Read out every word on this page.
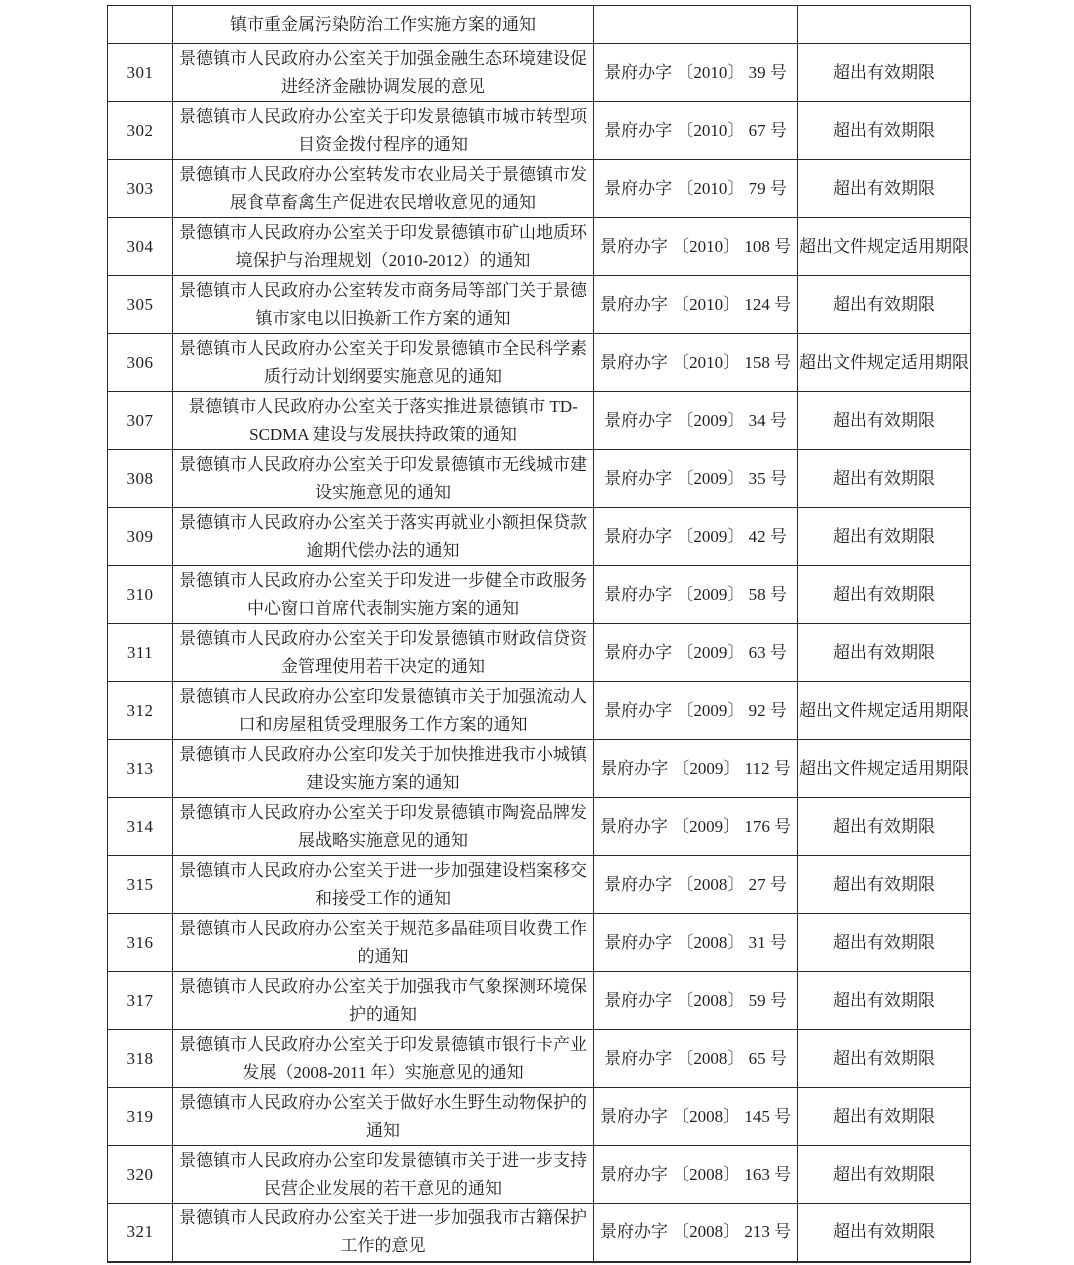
	镇市重金属污染防治工作实施方案的通知		
301	景德镇市人民政府办公室关于加强金融生态环境建设促进经济金融协调发展的意见	景府办字 〔2010〕 39 号	超出有效期限
302	景德镇市人民政府办公室关于印发景德镇市城市转型项目资金拨付程序的通知	景府办字 〔2010〕 67 号	超出有效期限
303	景德镇市人民政府办公室转发市农业局关于景德镇市发展食草畜禽生产促进农民增收意见的通知	景府办字 〔2010〕 79 号	超出有效期限
304	景德镇市人民政府办公室关于印发景德镇市矿山地质环境保护与治理规划（2010-2012）的通知	景府办字 〔2010〕 108 号	超出文件规定适用期限
305	景德镇市人民政府办公室转发市商务局等部门关于景德镇市家电以旧换新工作方案的通知	景府办字 〔2010〕 124 号	超出有效期限
306	景德镇市人民政府办公室关于印发景德镇市全民科学素质行动计划纲要实施意见的通知	景府办字 〔2010〕 158 号	超出文件规定适用期限
307	景德镇市人民政府办公室关于落实推进景德镇市 TD-SCDMA 建设与发展扶持政策的通知	景府办字 〔2009〕 34 号	超出有效期限
308	景德镇市人民政府办公室关于印发景德镇市无线城市建设实施意见的通知	景府办字 〔2009〕 35 号	超出有效期限
309	景德镇市人民政府办公室关于落实再就业小额担保贷款逾期代偿办法的通知	景府办字 〔2009〕 42 号	超出有效期限
310	景德镇市人民政府办公室关于印发进一步健全市政服务中心窗口首席代表制实施方案的通知	景府办字 〔2009〕 58 号	超出有效期限
311	景德镇市人民政府办公室关于印发景德镇市财政信贷资金管理使用若干决定的通知	景府办字 〔2009〕 63 号	超出有效期限
312	景德镇市人民政府办公室印发景德镇市关于加强流动人口和房屋租赁受理服务工作方案的通知	景府办字 〔2009〕 92 号	超出文件规定适用期限
313	景德镇市人民政府办公室印发关于加快推进我市小城镇建设实施方案的通知	景府办字 〔2009〕 112 号	超出文件规定适用期限
314	景德镇市人民政府办公室关于印发景德镇市陶瓷品牌发展战略实施意见的通知	景府办字 〔2009〕 176 号	超出有效期限
315	景德镇市人民政府办公室关于进一步加强建设档案移交和接受工作的通知	景府办字 〔2008〕 27 号	超出有效期限
316	景德镇市人民政府办公室关于规范多晶硅项目收费工作的通知	景府办字 〔2008〕 31 号	超出有效期限
317	景德镇市人民政府办公室关于加强我市气象探测环境保护的通知	景府办字 〔2008〕 59 号	超出有效期限
318	景德镇市人民政府办公室关于印发景德镇市银行卡产业发展（2008-2011 年）实施意见的通知	景府办字 〔2008〕 65 号	超出有效期限
319	景德镇市人民政府办公室关于做好水生野生动物保护的通知	景府办字 〔2008〕 145 号	超出有效期限
320	景德镇市人民政府办公室印发景德镇市关于进一步支持民营企业发展的若干意见的通知	景府办字 〔2008〕 163 号	超出有效期限
321	景德镇市人民政府办公室关于进一步加强我市古籍保护工作的意见	景府办字 〔2008〕 213 号	超出有效期限
